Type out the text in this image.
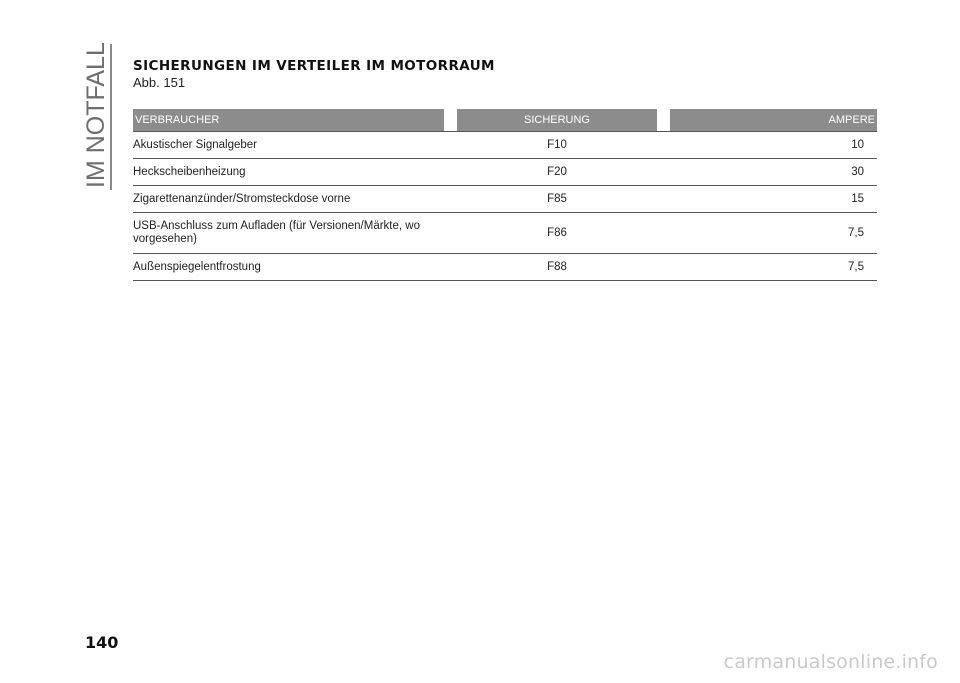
IM NOTFALL SICHERUNGEN IM VERTEILER IM MOTORRAUM
Abb. 151
VERBRAUCHER	SICHERUNG	AMPERE
Akustischer Signalgeber	F10	10
Heckscheibenheizung	F20	30
Zigarettenanzünder/Stromsteckdose vorne	F85	15
USB-Anschluss zum Aufladen (für Versionen/Märkte, wo vorgesehen)	F86	7,5
Außenspiegelentfrostung	F88	7,5
140
carmanualsonline.info
